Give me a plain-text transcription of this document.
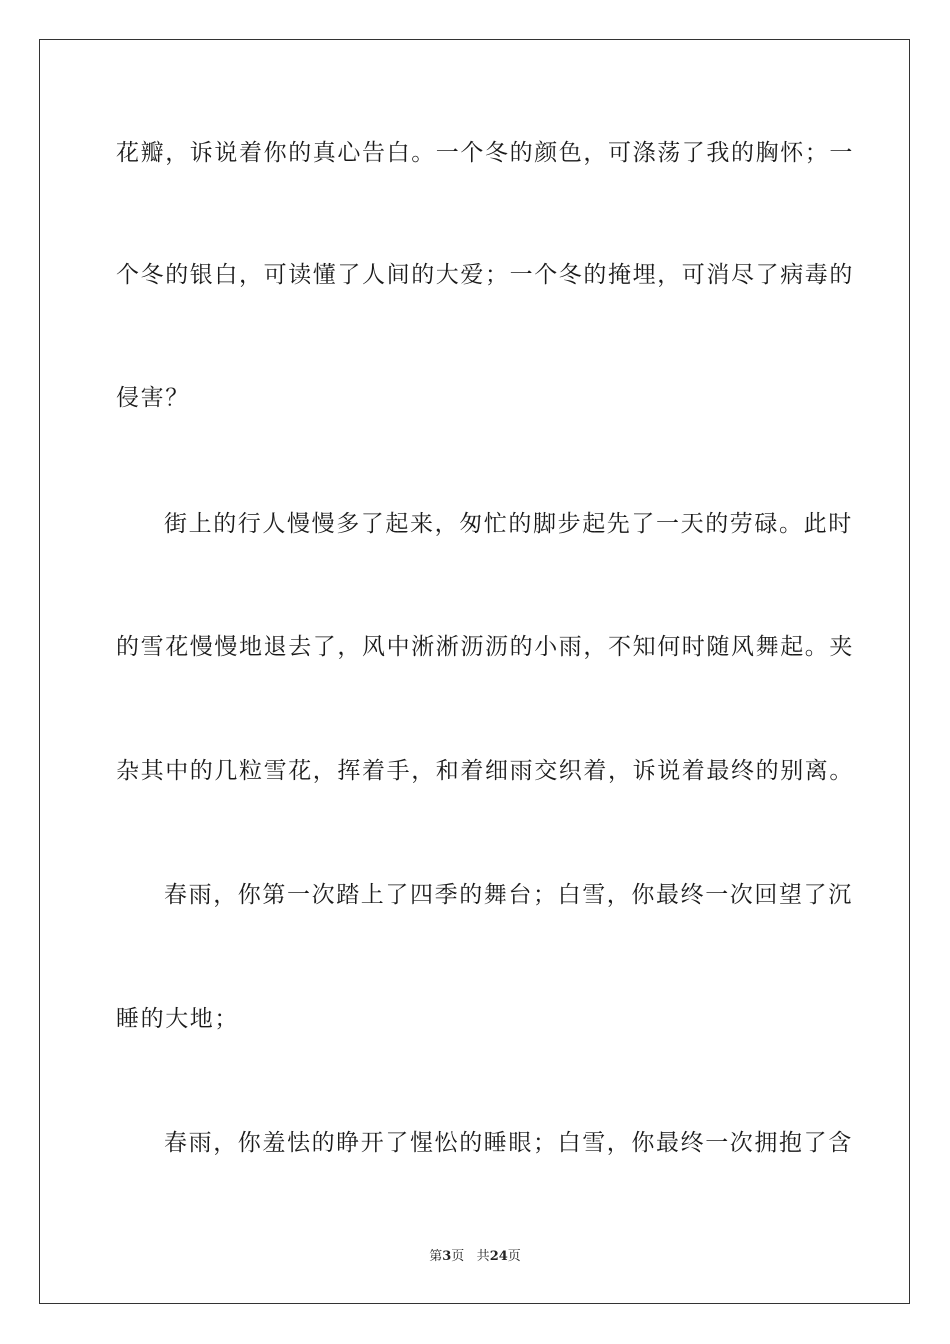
花瓣，诉说着你的真心告白。一个冬的颜色，可涤荡了我的胸怀；一
个冬的银白，可读懂了人间的大爱；一个冬的掩埋，可消尽了病毒的
侵害？
街上的行人慢慢多了起来，匆忙的脚步起先了一天的劳碌。此时
的雪花慢慢地退去了，风中淅淅沥沥的小雨，不知何时随风舞起。夹
杂其中的几粒雪花，挥着手，和着细雨交织着，诉说着最终的别离。
春雨，你第一次踏上了四季的舞台；白雪，你最终一次回望了沉
睡的大地；
春雨，你羞怯的睁开了惺忪的睡眼；白雪，你最终一次拥抱了含
第3页 共24页
